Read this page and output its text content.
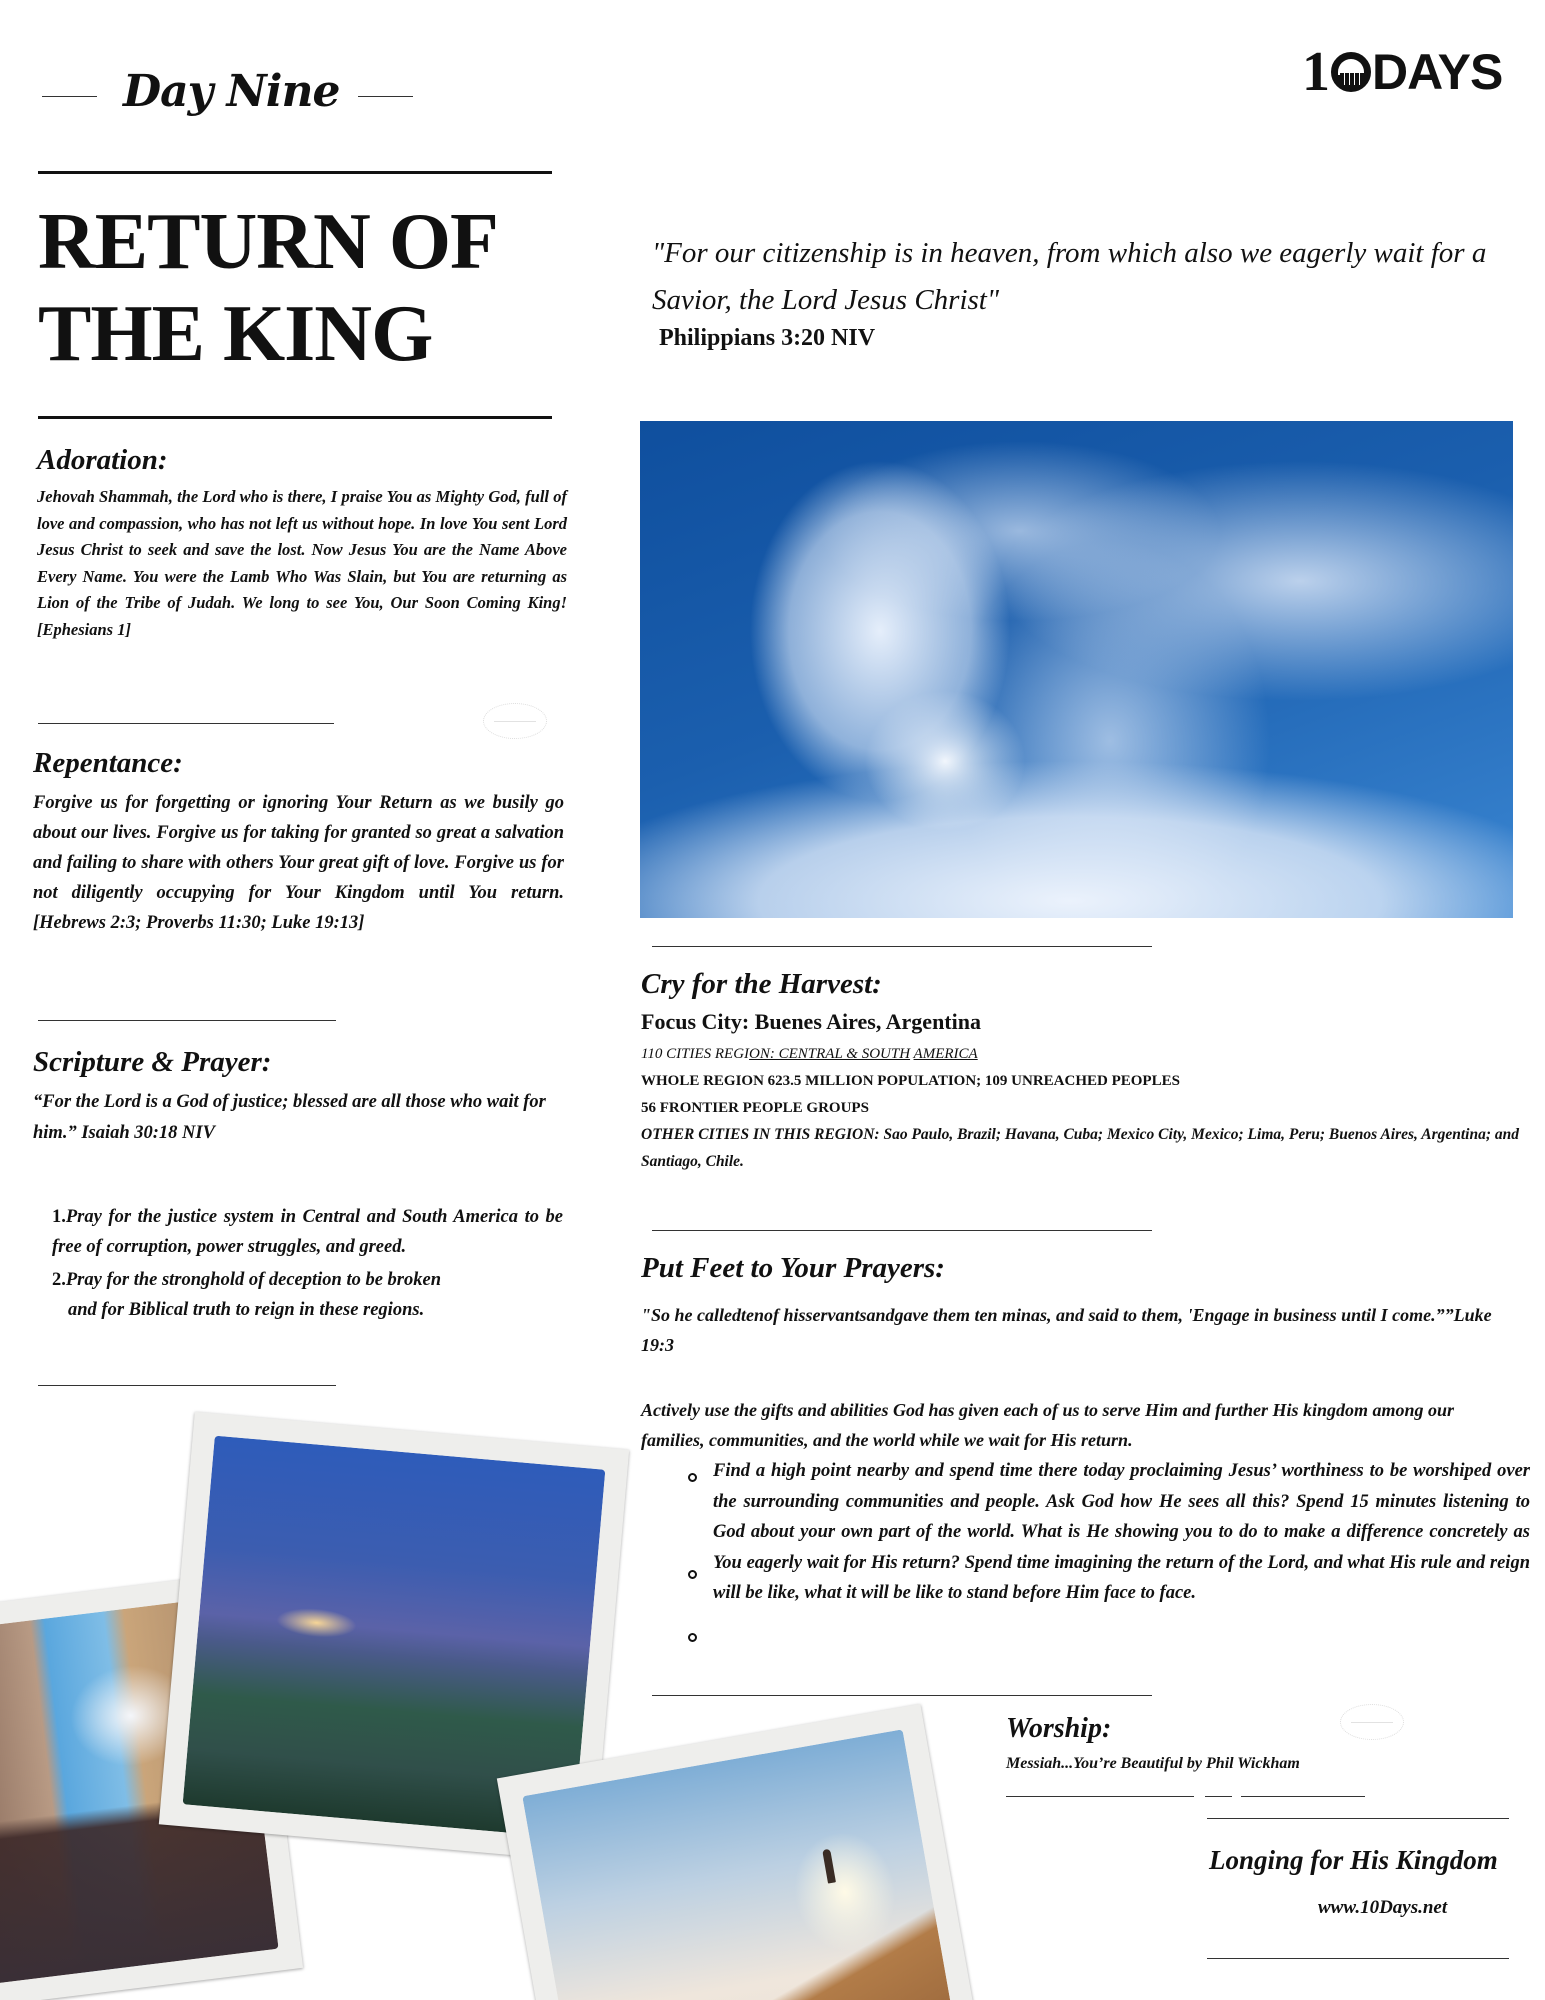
Day Nine	1 DAYS
RETURN OF
THE KING
"For our citizenship is in heaven, from which also we eagerly wait for a Savior, the Lord Jesus Christ"
Philippians 3:20 NIV
Adoration:

Jehovah Shammah, the Lord who is there, I praise You as Mighty God, full of love and compassion, who has not left us without hope. In love You sent Lord Jesus Christ to seek and save the lost. Now Jesus You are the Name Above Every Name. You were the Lamb Who Was Slain, but You are returning as Lion of the Tribe of Judah. We long to see You, Our Soon Coming King! [Ephesians 1]

Repentance:

Forgive us for forgetting or ignoring Your Return as we busily go about our lives. Forgive us for taking for granted so great a salvation and failing to share with others Your great gift of love. Forgive us for not diligently occupying for Your Kingdom until You return. [Hebrews 2:3; Proverbs 11:30; Luke 19:13]

Scripture & Prayer:

“For the Lord is a God of justice; blessed are all those who wait for him.” Isaiah 30:18 NIV

1.Pray for the justice system in Central and South America to be free of corruption, power struggles, and greed.
2.Pray for the stronghold of deception to be broken
and for Biblical truth to reign in these regions.
Cry for the Harvest:
Focus City: Buenes Aires, Argentina
110 CITIES REGION: CENTRAL & SOUTH AMERICA
WHOLE REGION 623.5 MILLION POPULATION; 109 UNREACHED PEOPLES
56 FRONTIER PEOPLE GROUPS
OTHER CITIES IN THIS REGION: Sao Paulo, Brazil; Havana, Cuba; Mexico City, Mexico; Lima, Peru; Buenos Aires, Argentina; and Santiago, Chile.
Put Feet to Your Prayers:

"So he calledtenof hisservantsandgave them ten minas, and said to them, 'Engage in business until I come.””Luke 19:3

Actively use the gifts and abilities God has given each of us to serve Him and further His kingdom among our families, communities, and the world while we wait for His return.

Find a high point nearby and spend time there today proclaiming Jesus’ worthiness to be worshiped over the surrounding communities and people. Ask God how He sees all this? Spend 15 minutes listening to God about your own part of the world. What is He showing you to do to make a difference concretely as You eagerly wait for His return? Spend time imagining the return of the Lord, and what His rule and reign will be like, what it will be like to stand before Him face to face.

Worship:
Messiah...You’re Beautiful by Phil Wickham
Longing for His Kingdom
www.10Days.net
